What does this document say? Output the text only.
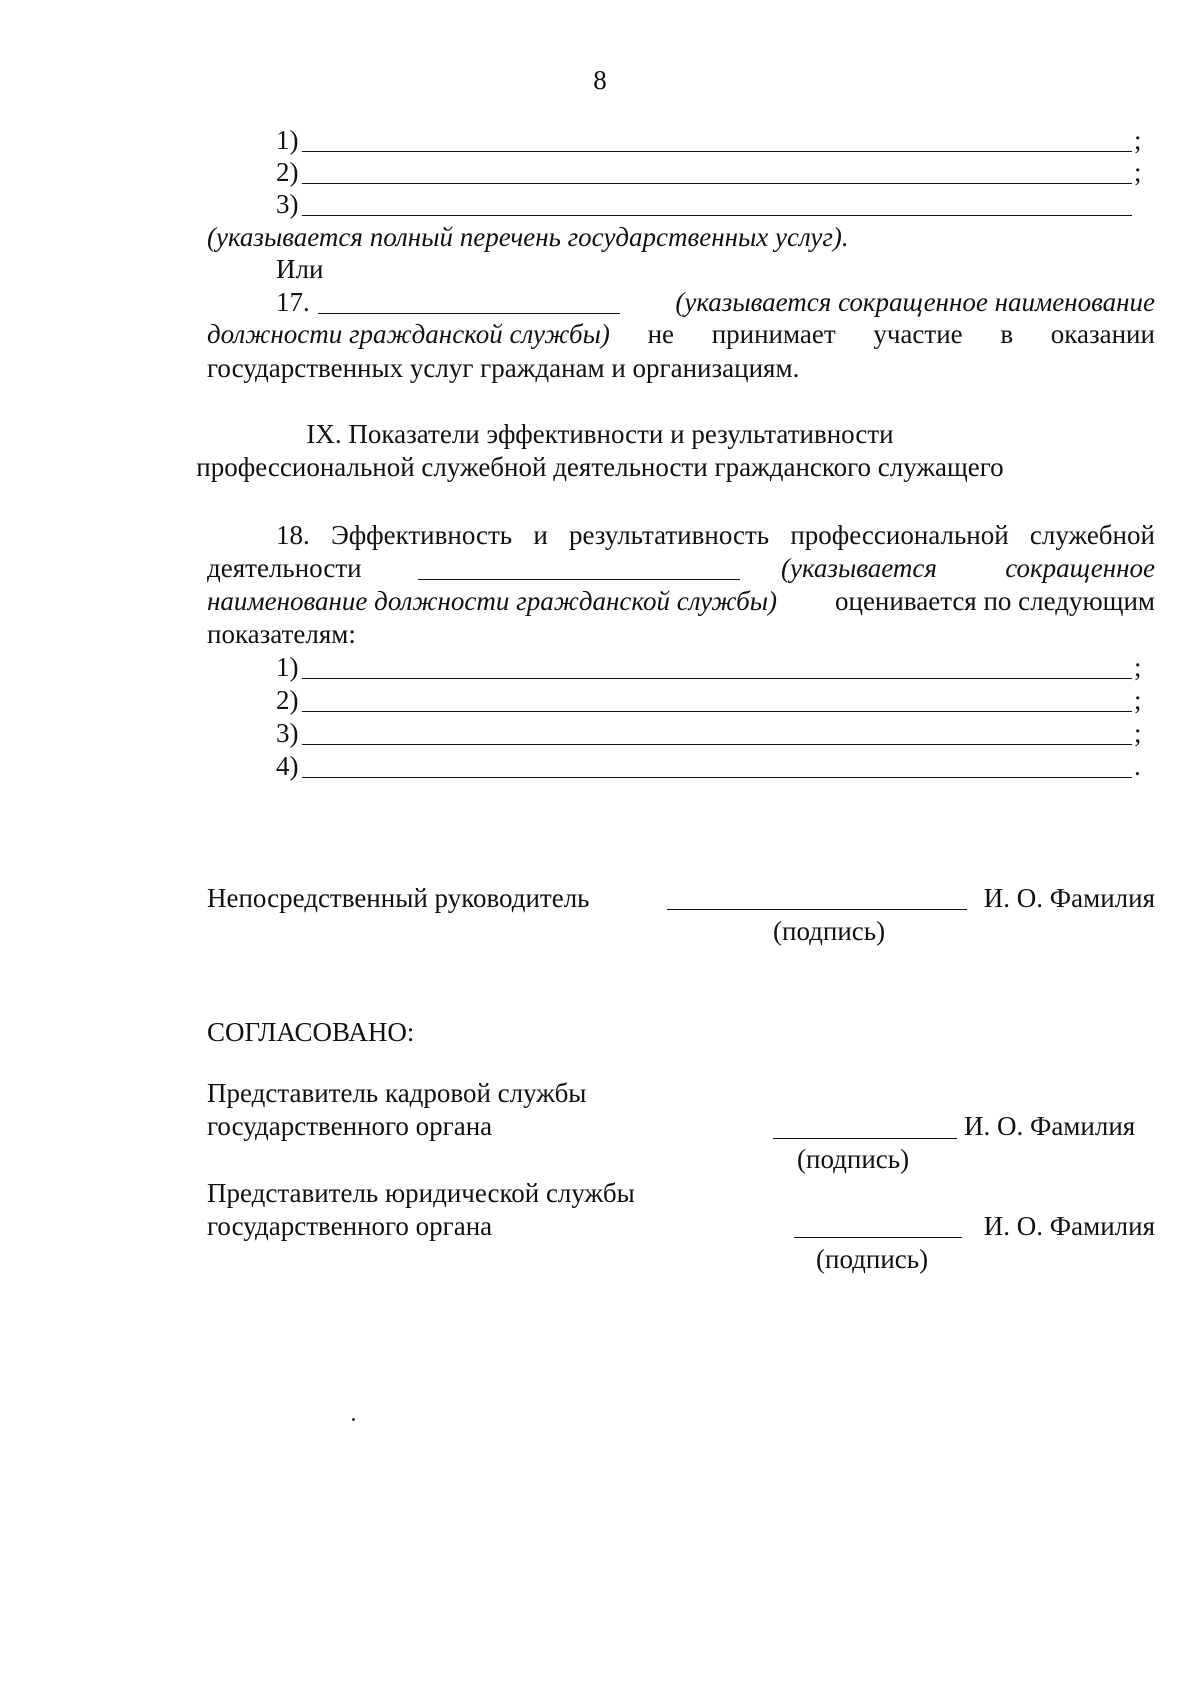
8
1)	;
2)	;
3)
(указывается полный перечень государственных услуг).
Или
17.	(указывается сокращенное наименование
должности гражданской службы) не принимает участие в оказании
государственных услуг гражданам и организациям.
IX. Показатели эффективности и результативности
профессиональной служебной деятельности гражданского служащего
18. Эффективность и результативность профессиональной служебной
деятельности	(указывается	сокращенное
наименование должности гражданской службы) оценивается по следующим
показателям:
1)	;
2)	;
3)	;
4)	.
Непосредственный руководитель	И. О. Фамилия
(подпись)
СОГЛАСОВАНО:
Представитель кадровой службы
государственного органа	И. О. Фамилия
(подпись)
Представитель юридической службы
государственного органа	И. О. Фамилия
(подпись)
